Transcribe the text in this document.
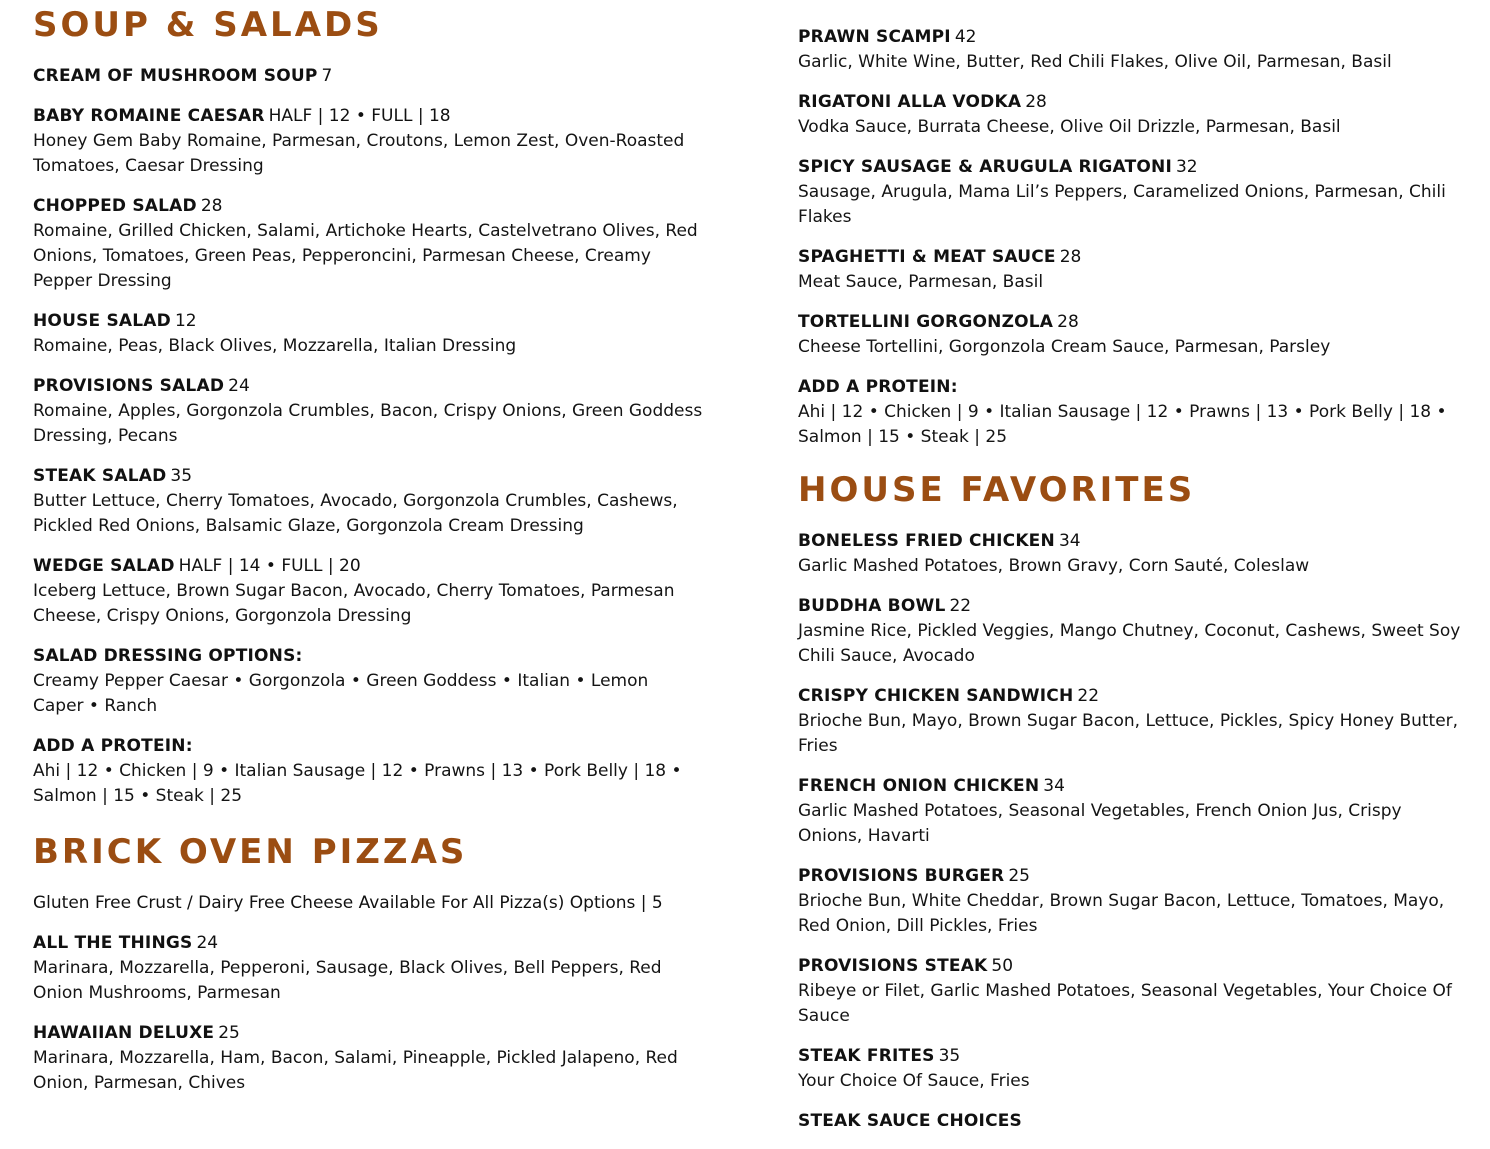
SOUP & SALADS

CREAM OF MUSHROOM SOUP 7

BABY ROMAINE CAESAR HALF | 12 • FULL | 18

Honey Gem Baby Romaine, Parmesan, Croutons, Lemon Zest, Oven-Roasted Tomatoes, Caesar Dressing

CHOPPED SALAD 28

Romaine, Grilled Chicken, Salami, Artichoke Hearts, Castelvetrano Olives, Red Onions, Tomatoes, Green Peas, Pepperoncini, Parmesan Cheese, Creamy Pepper Dressing

HOUSE SALAD 12

Romaine, Peas, Black Olives, Mozzarella, Italian Dressing

PROVISIONS SALAD 24

Romaine, Apples, Gorgonzola Crumbles, Bacon, Crispy Onions, Green Goddess Dressing, Pecans

STEAK SALAD 35

Butter Lettuce, Cherry Tomatoes, Avocado, Gorgonzola Crumbles, Cashews, Pickled Red Onions, Balsamic Glaze, Gorgonzola Cream Dressing

WEDGE SALAD HALF | 14 • FULL | 20

Iceberg Lettuce, Brown Sugar Bacon, Avocado, Cherry Tomatoes, Parmesan Cheese, Crispy Onions, Gorgonzola Dressing

SALAD DRESSING OPTIONS:

Creamy Pepper Caesar • Gorgonzola • Green Goddess • Italian • Lemon Caper • Ranch

ADD A PROTEIN:

Ahi | 12 • Chicken | 9 • Italian Sausage | 12 • Prawns | 13 • Pork Belly | 18 • Salmon | 15 • Steak | 25

BRICK OVEN PIZZAS

Gluten Free Crust / Dairy Free Cheese Available For All Pizza(s) Options | 5

ALL THE THINGS 24

Marinara, Mozzarella, Pepperoni, Sausage, Black Olives, Bell Peppers, Red Onion Mushrooms, Parmesan

HAWAIIAN DELUXE 25

Marinara, Mozzarella, Ham, Bacon, Salami, Pineapple, Pickled Jalapeno, Red Onion, Parmesan, Chives

PRAWN SCAMPI 42

Garlic, White Wine, Butter, Red Chili Flakes, Olive Oil, Parmesan, Basil

RIGATONI ALLA VODKA 28

Vodka Sauce, Burrata Cheese, Olive Oil Drizzle, Parmesan, Basil

SPICY SAUSAGE & ARUGULA RIGATONI 32

Sausage, Arugula, Mama Lil’s Peppers, Caramelized Onions, Parmesan, Chili Flakes

SPAGHETTI & MEAT SAUCE 28

Meat Sauce, Parmesan, Basil

TORTELLINI GORGONZOLA 28

Cheese Tortellini, Gorgonzola Cream Sauce, Parmesan, Parsley

ADD A PROTEIN:

Ahi | 12 • Chicken | 9 • Italian Sausage | 12 • Prawns | 13 • Pork Belly | 18 • Salmon | 15 • Steak | 25

HOUSE FAVORITES

BONELESS FRIED CHICKEN 34

Garlic Mashed Potatoes, Brown Gravy, Corn Sauté, Coleslaw

BUDDHA BOWL 22

Jasmine Rice, Pickled Veggies, Mango Chutney, Coconut, Cashews, Sweet Soy Chili Sauce, Avocado

CRISPY CHICKEN SANDWICH 22

Brioche Bun, Mayo, Brown Sugar Bacon, Lettuce, Pickles, Spicy Honey Butter, Fries

FRENCH ONION CHICKEN 34

Garlic Mashed Potatoes, Seasonal Vegetables, French Onion Jus, Crispy Onions, Havarti

PROVISIONS BURGER 25

Brioche Bun, White Cheddar, Brown Sugar Bacon, Lettuce, Tomatoes, Mayo, Red Onion, Dill Pickles, Fries

PROVISIONS STEAK 50

Ribeye or Filet, Garlic Mashed Potatoes, Seasonal Vegetables, Your Choice Of Sauce

STEAK FRITES 35

Your Choice Of Sauce, Fries

STEAK SAUCE CHOICES
